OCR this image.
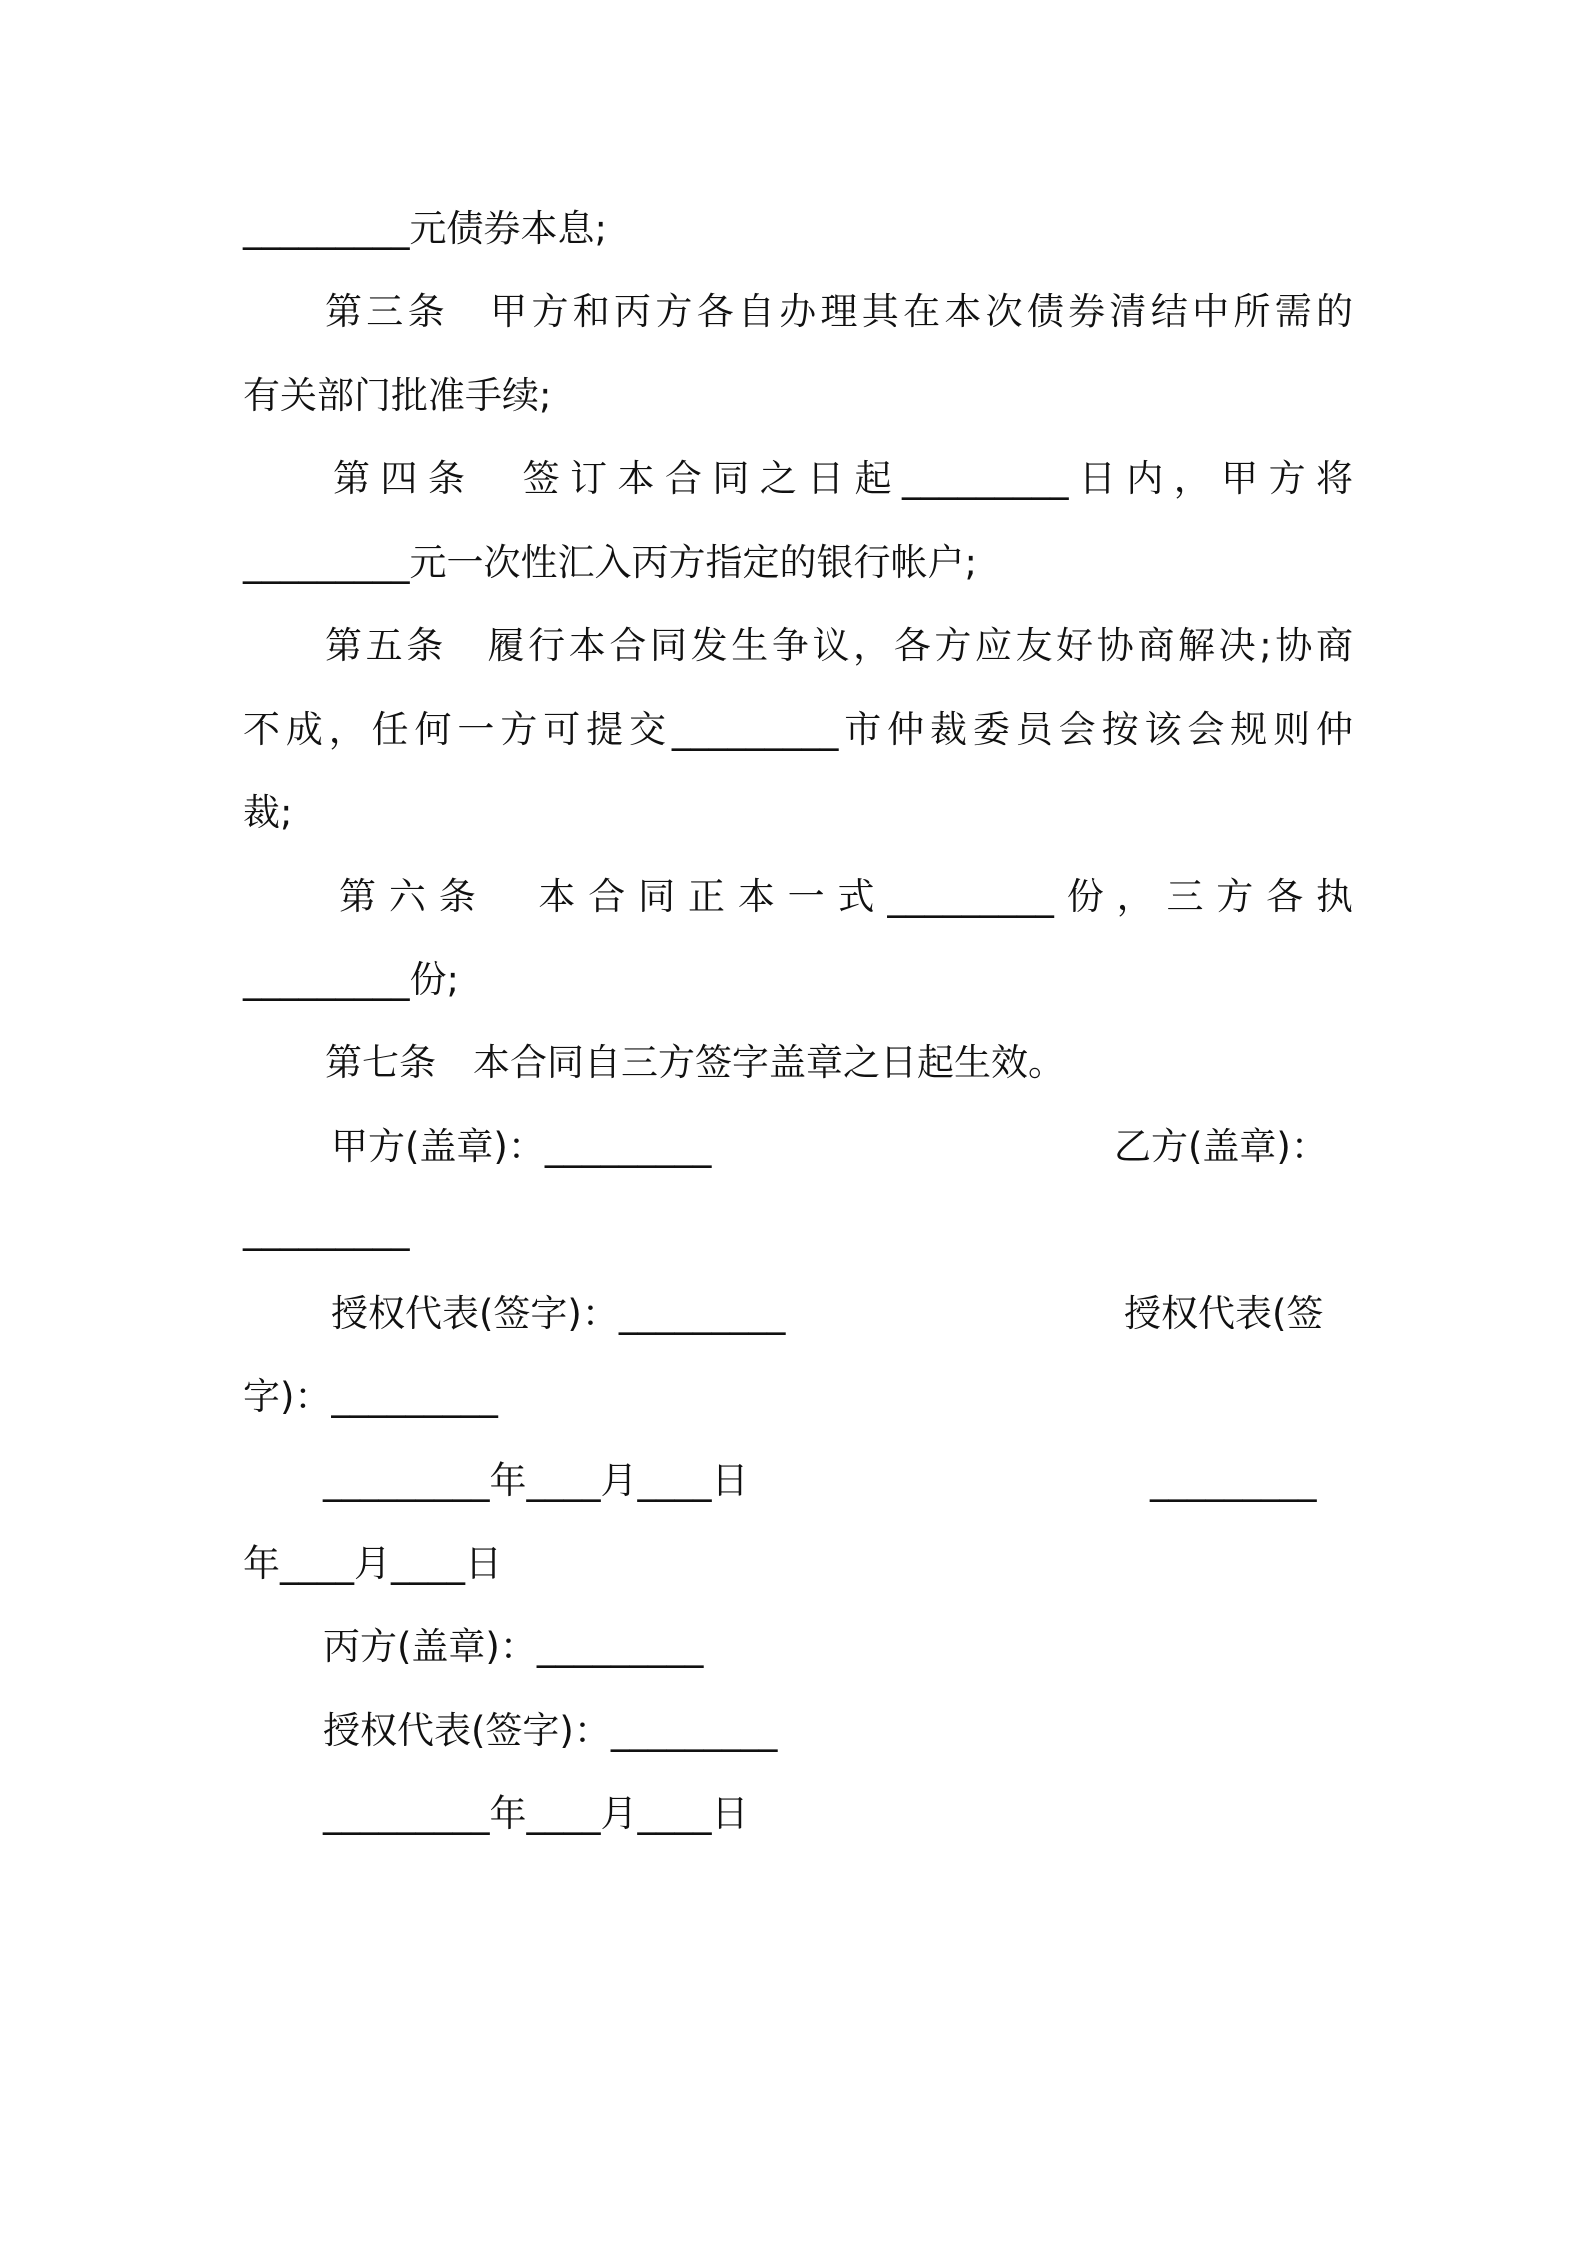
_________元债券本息;
第三条　甲方和丙方各自办理其在本次债券清结中所需的
有关部门批准手续;
第四条　签订本合同之日起_________日内，甲方将
_________元一次性汇入丙方指定的银行帐户;
第五条　履行本合同发生争议，各方应友好协商解决;协商
不成，任何一方可提交_________市仲裁委员会按该会规则仲
裁;
第六条　本合同正本一式_________份，三方各执
_________份;
第七条　本合同自三方签字盖章之日起生效。
甲方(盖章)：_________	乙方(盖章)：
_________
授权代表(签字)：_________	授权代表(签
字)：_________
_________年____月____日	_________
年____月____日
丙方(盖章)：_________
授权代表(签字)：_________
_________年____月____日
